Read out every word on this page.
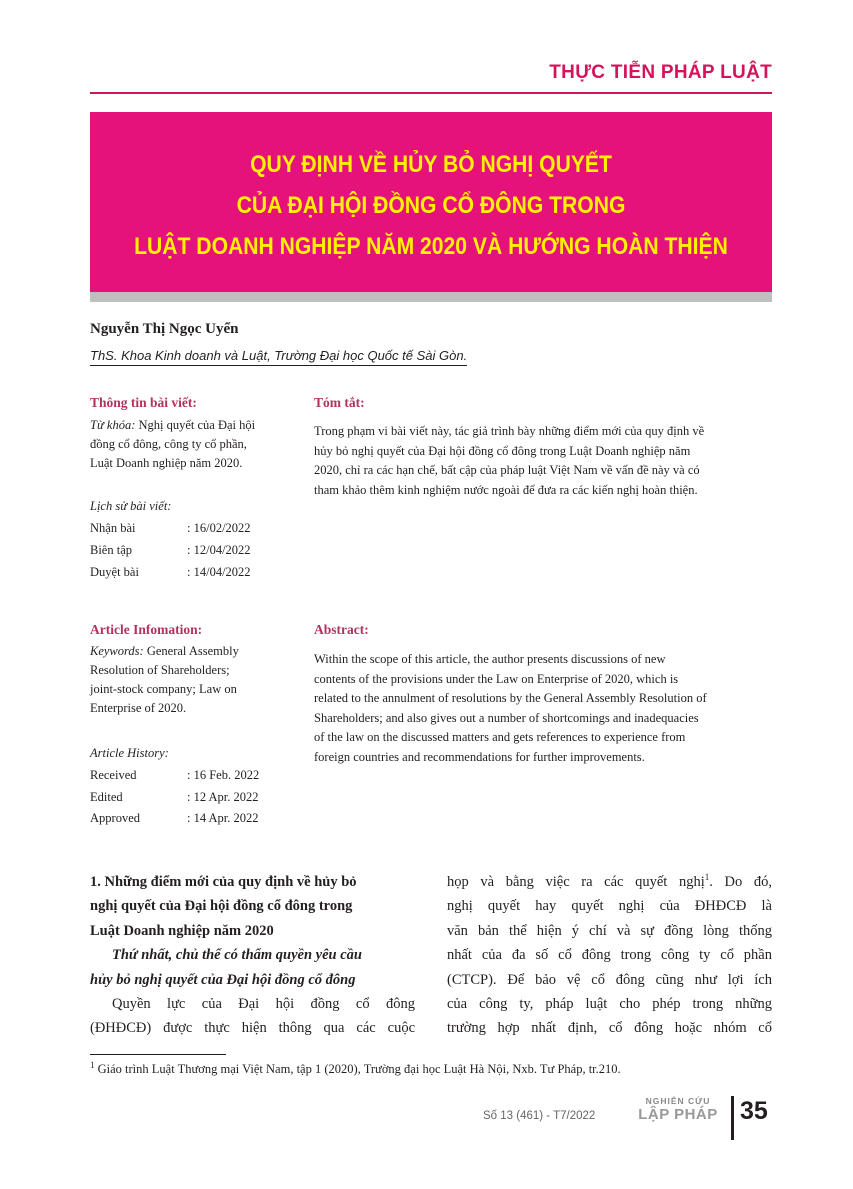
THỰC TIỄN PHÁP LUẬT
QUY ĐỊNH VỀ HỦY BỎ NGHỊ QUYẾT
CỦA ĐẠI HỘI ĐỒNG CỔ ĐÔNG TRONG
LUẬT DOANH NGHIỆP NĂM 2020 VÀ HƯỚNG HOÀN THIỆN
Nguyễn Thị Ngọc Uyển
ThS. Khoa Kinh doanh và Luật, Trường Đại học Quốc tế Sài Gòn.
Thông tin bài viết:
Từ khóa: Nghị quyết của Đại hội
đồng cổ đông, công ty cổ phần,
Luật Doanh nghiệp năm 2020.
Lịch sử bài viết:
Nhận bài	: 16/02/2022
Biên tập	: 12/04/2022
Duyệt bài	: 14/04/2022
Tóm tắt:
Trong phạm vi bài viết này, tác giả trình bày những điểm mới của quy định về
hủy bỏ nghị quyết của Đại hội đồng cổ đông trong Luật Doanh nghiệp năm
2020, chỉ ra các hạn chế, bất cập của pháp luật Việt Nam về vấn đề này và có
tham khảo thêm kinh nghiệm nước ngoài để đưa ra các kiến nghị hoàn thiện.
Article Infomation:
Keywords: General Assembly
Resolution of Shareholders;
joint-stock company; Law on
Enterprise of 2020.
Article History:
Received	: 16 Feb. 2022
Edited	: 12 Apr. 2022
Approved	: 14 Apr. 2022
Abstract:
Within the scope of this article, the author presents discussions of new
contents of the provisions under the Law on Enterprise of 2020, which is
related to the annulment of resolutions by the General Assembly Resolution of
Shareholders; and also gives out a number of shortcomings and inadequacies
of the law on the discussed matters and gets references to experience from
foreign countries and recommendations for further improvements.
1. Những điểm mới của quy định về hủy bỏ
nghị quyết của Đại hội đồng cổ đông trong
Luật Doanh nghiệp năm 2020
Thứ nhất, chủ thể có thẩm quyền yêu cầu
hủy bỏ nghị quyết của Đại hội đồng cổ đông
Quyền lực của Đại hội đồng cổ đông
(ĐHĐCĐ) được thực hiện thông qua các cuộc
họp và bằng việc ra các quyết nghị$^1$. Do đó,
nghị quyết hay quyết nghị của ĐHĐCĐ là
văn bản thể hiện ý chí và sự đồng lòng thống
nhất của đa số cổ đông trong công ty cổ phần
(CTCP). Để bảo vệ cổ đông cũng như lợi ích
của công ty, pháp luật cho phép trong những
trường hợp nhất định, cổ đông hoặc nhóm cổ
$^1$ Giáo trình Luật Thương mại Việt Nam, tập 1 (2020), Trường đại học Luật Hà Nội, Nxb. Tư Pháp, tr.210.
Số 13 (461) - T7/2022
NGHIÊN CỨU
LẬP PHÁP 35
